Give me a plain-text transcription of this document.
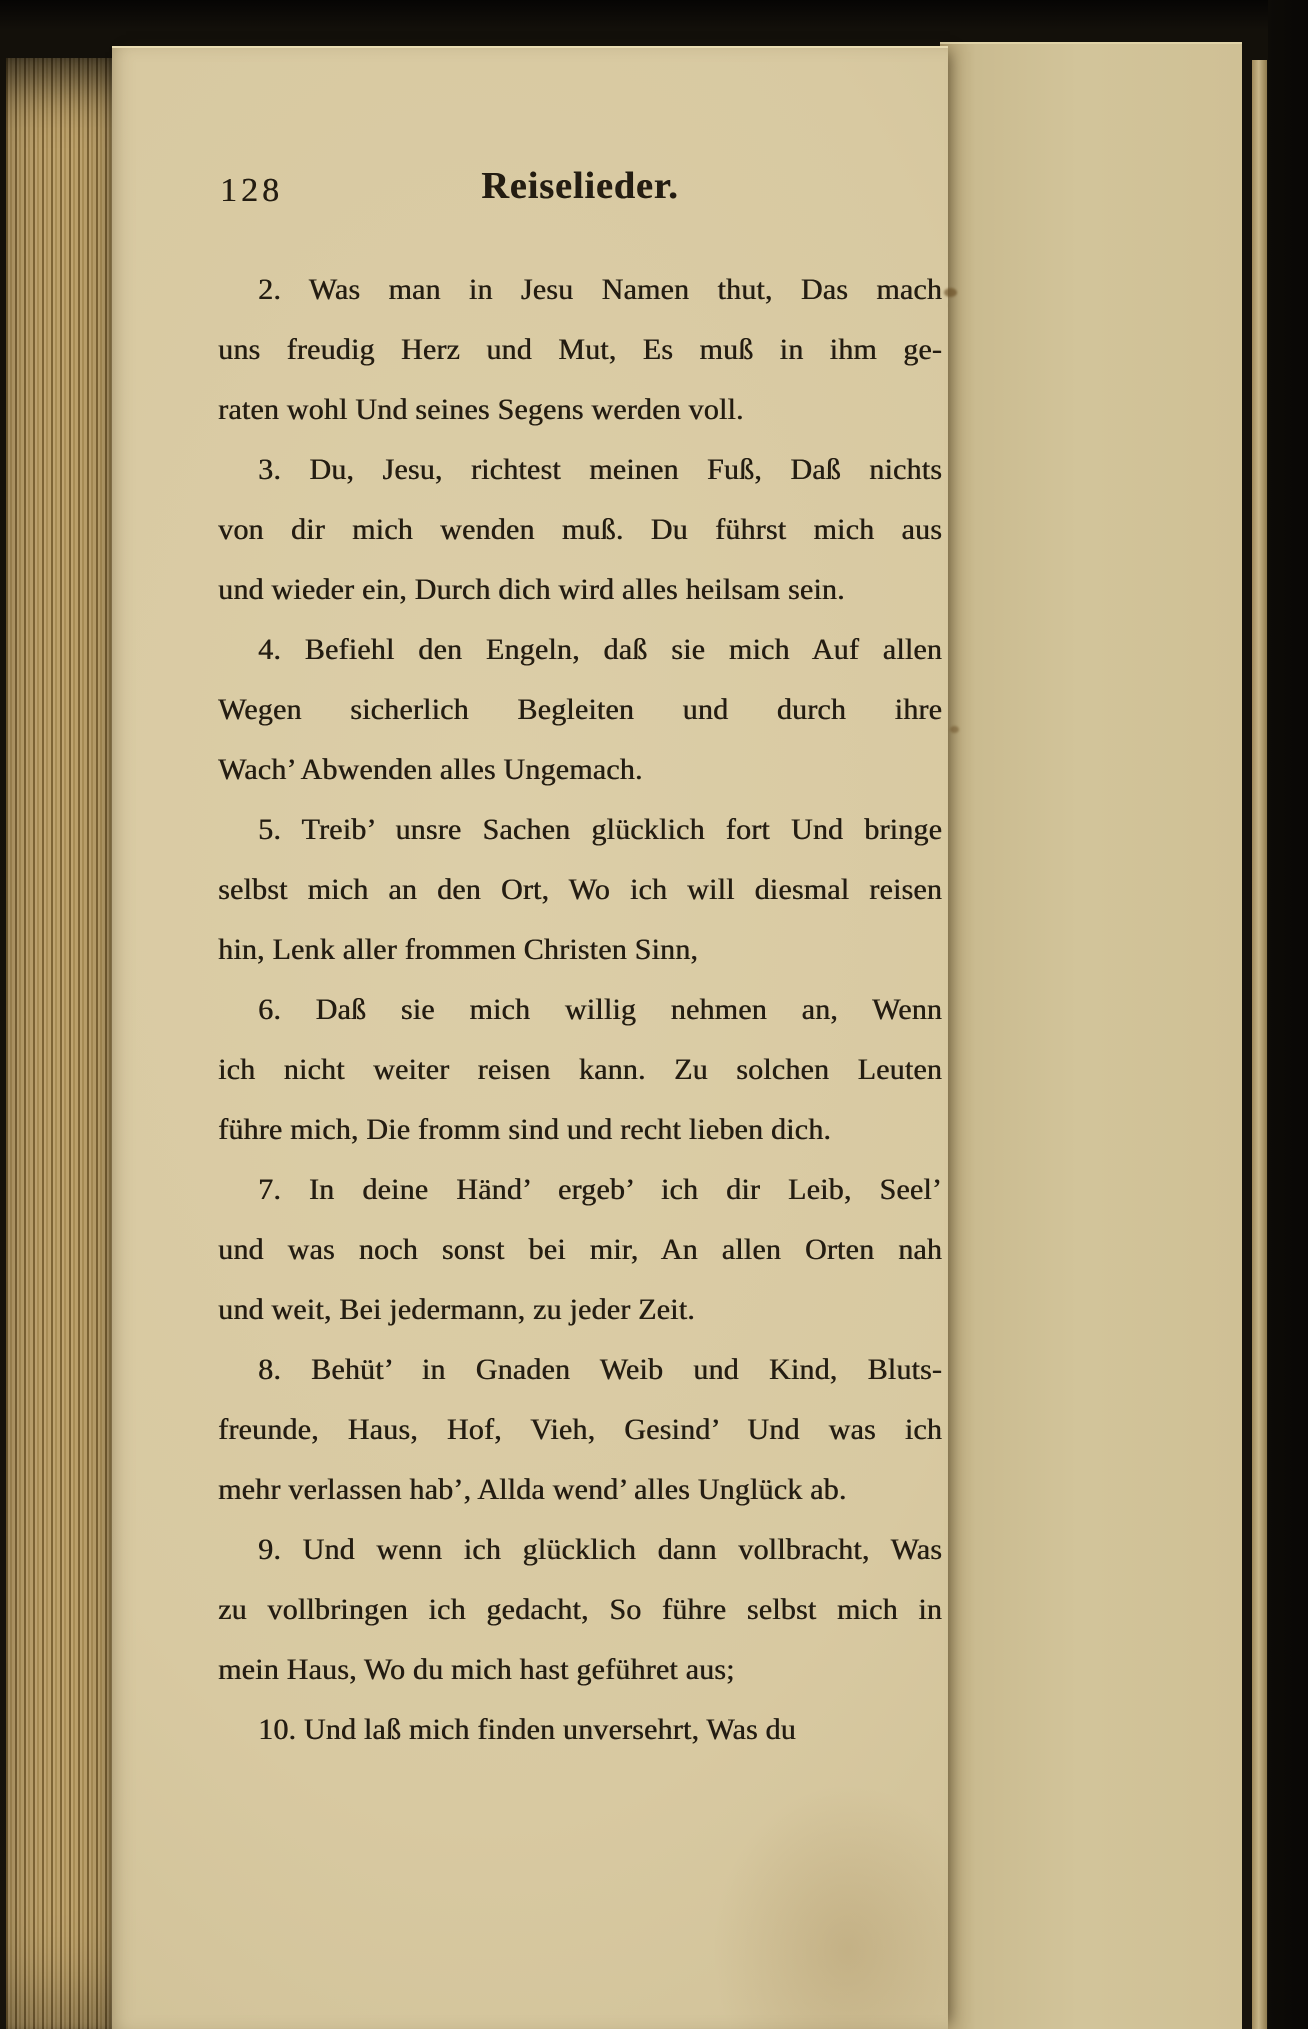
128	Reiselieder.
2. Was man in Jesu Namen thut, Das mach
uns freudig Herz und Mut, Es muß in ihm ge-
raten wohl Und seines Segens werden voll.
3. Du, Jesu, richtest meinen Fuß, Daß nichts
von dir mich wenden muß. Du führst mich aus
und wieder ein, Durch dich wird alles heilsam sein.
4. Befiehl den Engeln, daß sie mich Auf allen
Wegen sicherlich Begleiten und durch ihre
Wach’ Abwenden alles Ungemach.
5. Treib’ unsre Sachen glücklich fort Und bringe
selbst mich an den Ort, Wo ich will diesmal reisen
hin, Lenk aller frommen Christen Sinn,
6. Daß sie mich willig nehmen an, Wenn
ich nicht weiter reisen kann. Zu solchen Leuten
führe mich, Die fromm sind und recht lieben dich.
7. In deine Händ’ ergeb’ ich dir Leib, Seel’
und was noch sonst bei mir, An allen Orten nah
und weit, Bei jedermann, zu jeder Zeit.
8. Behüt’ in Gnaden Weib und Kind, Bluts-
freunde, Haus, Hof, Vieh, Gesind’ Und was ich
mehr verlassen hab’, Allda wend’ alles Unglück ab.
9. Und wenn ich glücklich dann vollbracht, Was
zu vollbringen ich gedacht, So führe selbst mich in
mein Haus, Wo du mich hast geführet aus;
10. Und laß mich finden unversehrt, Was du
